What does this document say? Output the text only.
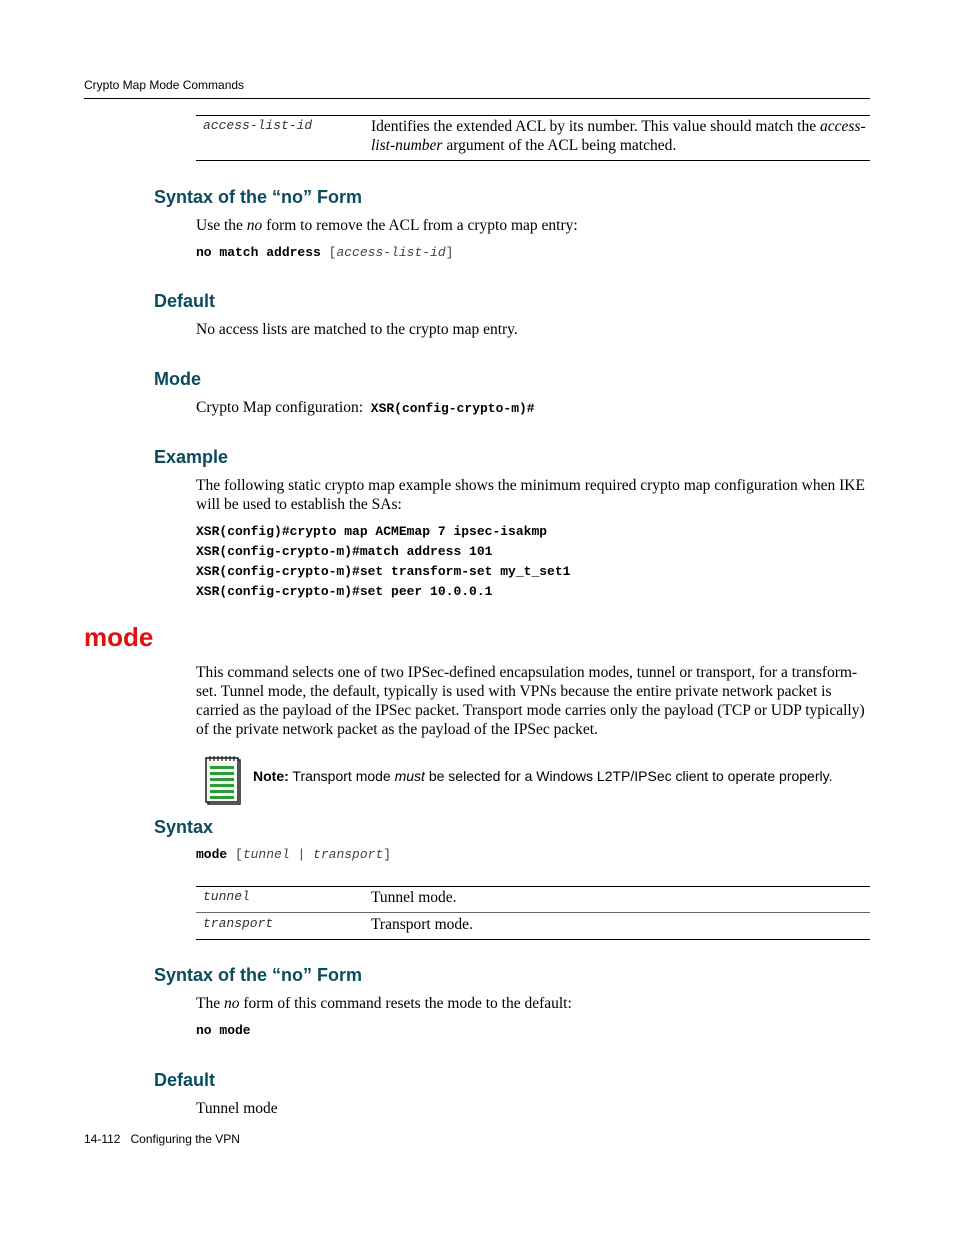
Crypto Map Mode Commands
access-list-id	Identifies the extended ACL by its number. This value should match the access-list-number argument of the ACL being matched.
Syntax of the “no” Form
Use the no form to remove the ACL from a crypto map entry:
no match address [access-list-id]
Default
No access lists are matched to the crypto map entry.
Mode
Crypto Map configuration: XSR(config-crypto-m)#
Example
The following static crypto map example shows the minimum required crypto map configuration when IKE will be used to establish the SAs:
XSR(config)#crypto map ACMEmap 7 ipsec-isakmp
XSR(config-crypto-m)#match address 101
XSR(config-crypto-m)#set transform-set my_t_set1
XSR(config-crypto-m)#set peer 10.0.0.1
mode
This command selects one of two IPSec-defined encapsulation modes, tunnel or transport, for a transform-set. Tunnel mode, the default, typically is used with VPNs because the entire private network packet is carried as the payload of the IPSec packet. Transport mode carries only the payload (TCP or UDP typically) of the private network packet as the payload of the IPSec packet.
Note: Transport mode must be selected for a Windows L2TP/IPSec client to operate properly.
Syntax
mode [tunnel | transport]
tunnel	Tunnel mode.
transport	Transport mode.
Syntax of the “no” Form
The no form of this command resets the mode to the default:
no mode
Default
Tunnel mode
14-112 Configuring the VPN
